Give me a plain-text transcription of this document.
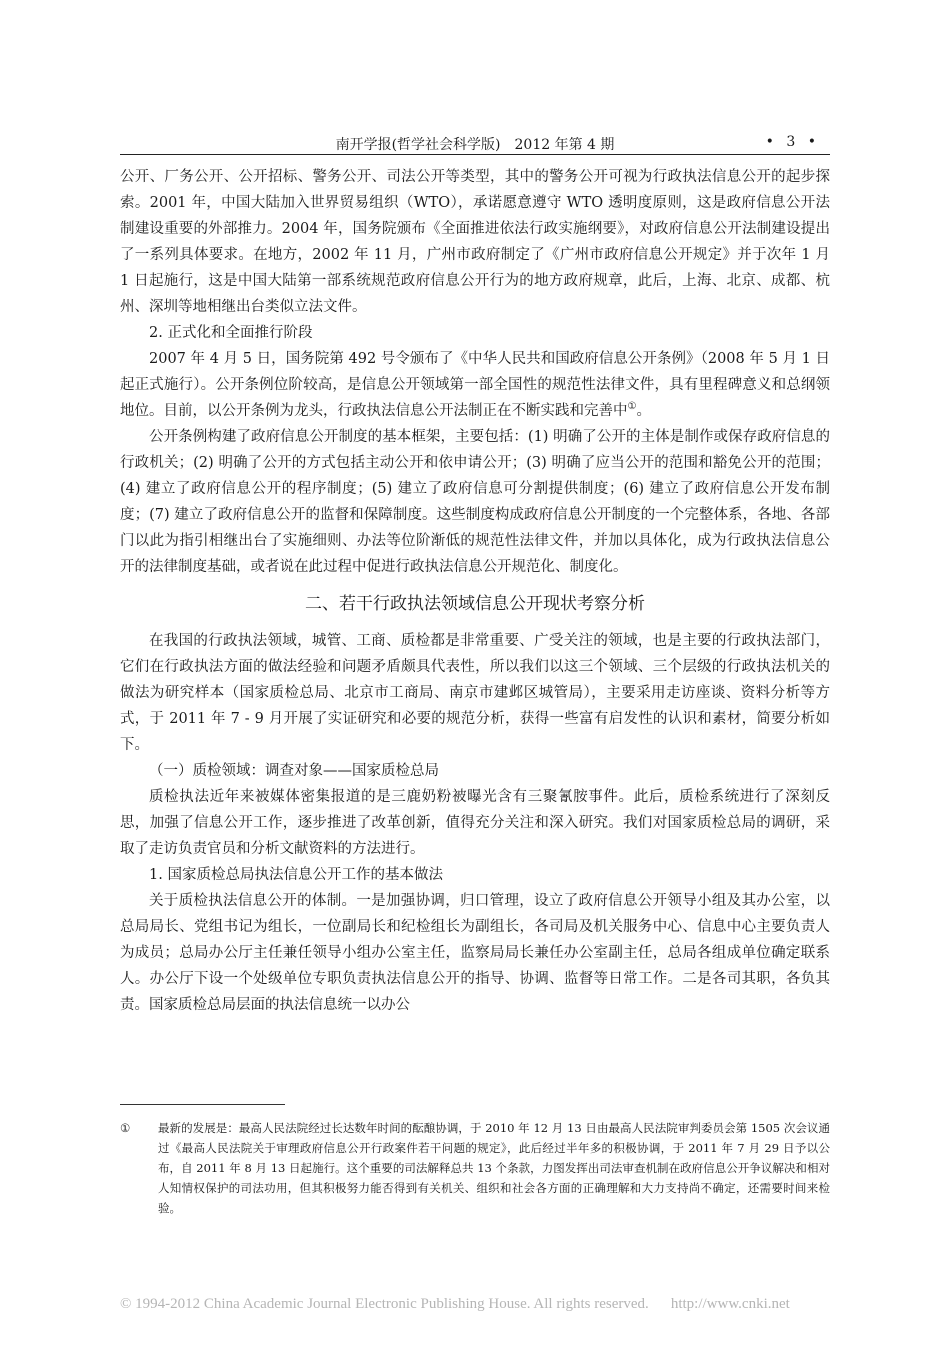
南开学报(哲学社会科学版)　2012 年第 4 期	• 3 •

公开、厂务公开、公开招标、警务公开、司法公开等类型，其中的警务公开可视为行政执法信息公开的起步探索。2001 年，中国大陆加入世界贸易组织（WTO），承诺愿意遵守 WTO 透明度原则，这是政府信息公开法制建设重要的外部推力。2004 年，国务院颁布《全面推进依法行政实施纲要》，对政府信息公开法制建设提出了一系列具体要求。在地方，2002 年 11 月，广州市政府制定了《广州市政府信息公开规定》并于次年 1 月 1 日起施行，这是中国大陆第一部系统规范政府信息公开行为的地方政府规章，此后，上海、北京、成都、杭州、深圳等地相继出台类似立法文件。

2. 正式化和全面推行阶段

2007 年 4 月 5 日，国务院第 492 号令颁布了《中华人民共和国政府信息公开条例》（2008 年 5 月 1 日起正式施行）。公开条例位阶较高，是信息公开领域第一部全国性的规范性法律文件，具有里程碑意义和总纲领地位。目前，以公开条例为龙头，行政执法信息公开法制正在不断实践和完善中①。

公开条例构建了政府信息公开制度的基本框架，主要包括：(1) 明确了公开的主体是制作或保存政府信息的行政机关；(2) 明确了公开的方式包括主动公开和依申请公开；(3) 明确了应当公开的范围和豁免公开的范围；(4) 建立了政府信息公开的程序制度；(5) 建立了政府信息可分割提供制度；(6) 建立了政府信息公开发布制度；(7) 建立了政府信息公开的监督和保障制度。这些制度构成政府信息公开制度的一个完整体系，各地、各部门以此为指引相继出台了实施细则、办法等位阶渐低的规范性法律文件，并加以具体化，成为行政执法信息公开的法律制度基础，或者说在此过程中促进行政执法信息公开规范化、制度化。

二、若干行政执法领域信息公开现状考察分析

在我国的行政执法领域，城管、工商、质检都是非常重要、广受关注的领域，也是主要的行政执法部门，它们在行政执法方面的做法经验和问题矛盾颇具代表性，所以我们以这三个领域、三个层级的行政执法机关的做法为研究样本（国家质检总局、北京市工商局、南京市建邺区城管局），主要采用走访座谈、资料分析等方式，于 2011 年 7 - 9 月开展了实证研究和必要的规范分析，获得一些富有启发性的认识和素材，简要分析如下。

（一）质检领域：调查对象——国家质检总局

质检执法近年来被媒体密集报道的是三鹿奶粉被曝光含有三聚氰胺事件。此后，质检系统进行了深刻反思，加强了信息公开工作，逐步推进了改革创新，值得充分关注和深入研究。我们对国家质检总局的调研，采取了走访负责官员和分析文献资料的方法进行。

1. 国家质检总局执法信息公开工作的基本做法

关于质检执法信息公开的体制。一是加强协调，归口管理，设立了政府信息公开领导小组及其办公室，以总局局长、党组书记为组长，一位副局长和纪检组长为副组长，各司局及机关服务中心、信息中心主要负责人为成员；总局办公厅主任兼任领导小组办公室主任，监察局局长兼任办公室副主任，总局各组成单位确定联系人。办公厅下设一个处级单位专职负责执法信息公开的指导、协调、监督等日常工作。二是各司其职，各负其责。国家质检总局层面的执法信息统一以办公

① 最新的发展是：最高人民法院经过长达数年时间的酝酿协调，于 2010 年 12 月 13 日由最高人民法院审判委员会第 1505 次会议通过《最高人民法院关于审理政府信息公开行政案件若干问题的规定》，此后经过半年多的积极协调，于 2011 年 7 月 29 日予以公布，自 2011 年 8 月 13 日起施行。这个重要的司法解释总共 13 个条款，力图发挥出司法审查机制在政府信息公开争议解决和相对人知情权保护的司法功用，但其积极努力能否得到有关机关、组织和社会各方面的正确理解和大力支持尚不确定，还需要时间来检验。
© 1994-2012 China Academic Journal Electronic Publishing House. All rights reserved. http://www.cnki.net
